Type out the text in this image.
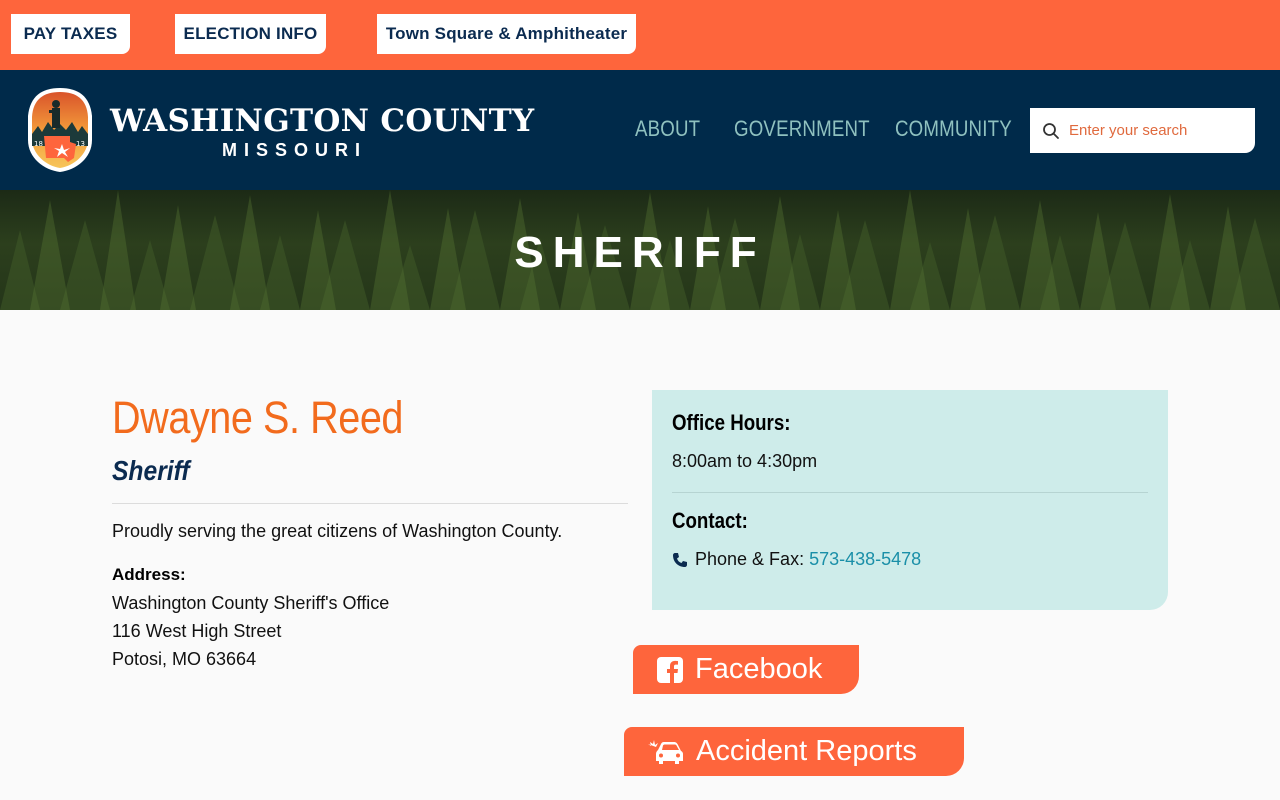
PAY TAXES	ELECTION INFO	Town Square & Amphitheater
18	13
WASHINGTON COUNTY
MISSOURI
ABOUT GOVERNMENT COMMUNITY
Enter your search
SHERIFF
Dwayne S. Reed
Sheriff
Proudly serving the great citizens of Washington County.
Address:
Washington County Sheriff's Office
116 West High Street
Potosi, MO 63664
Office Hours:
8:00am to 4:30pm
Contact:
Phone & Fax: 573-438-5478
Facebook
Accident Reports
